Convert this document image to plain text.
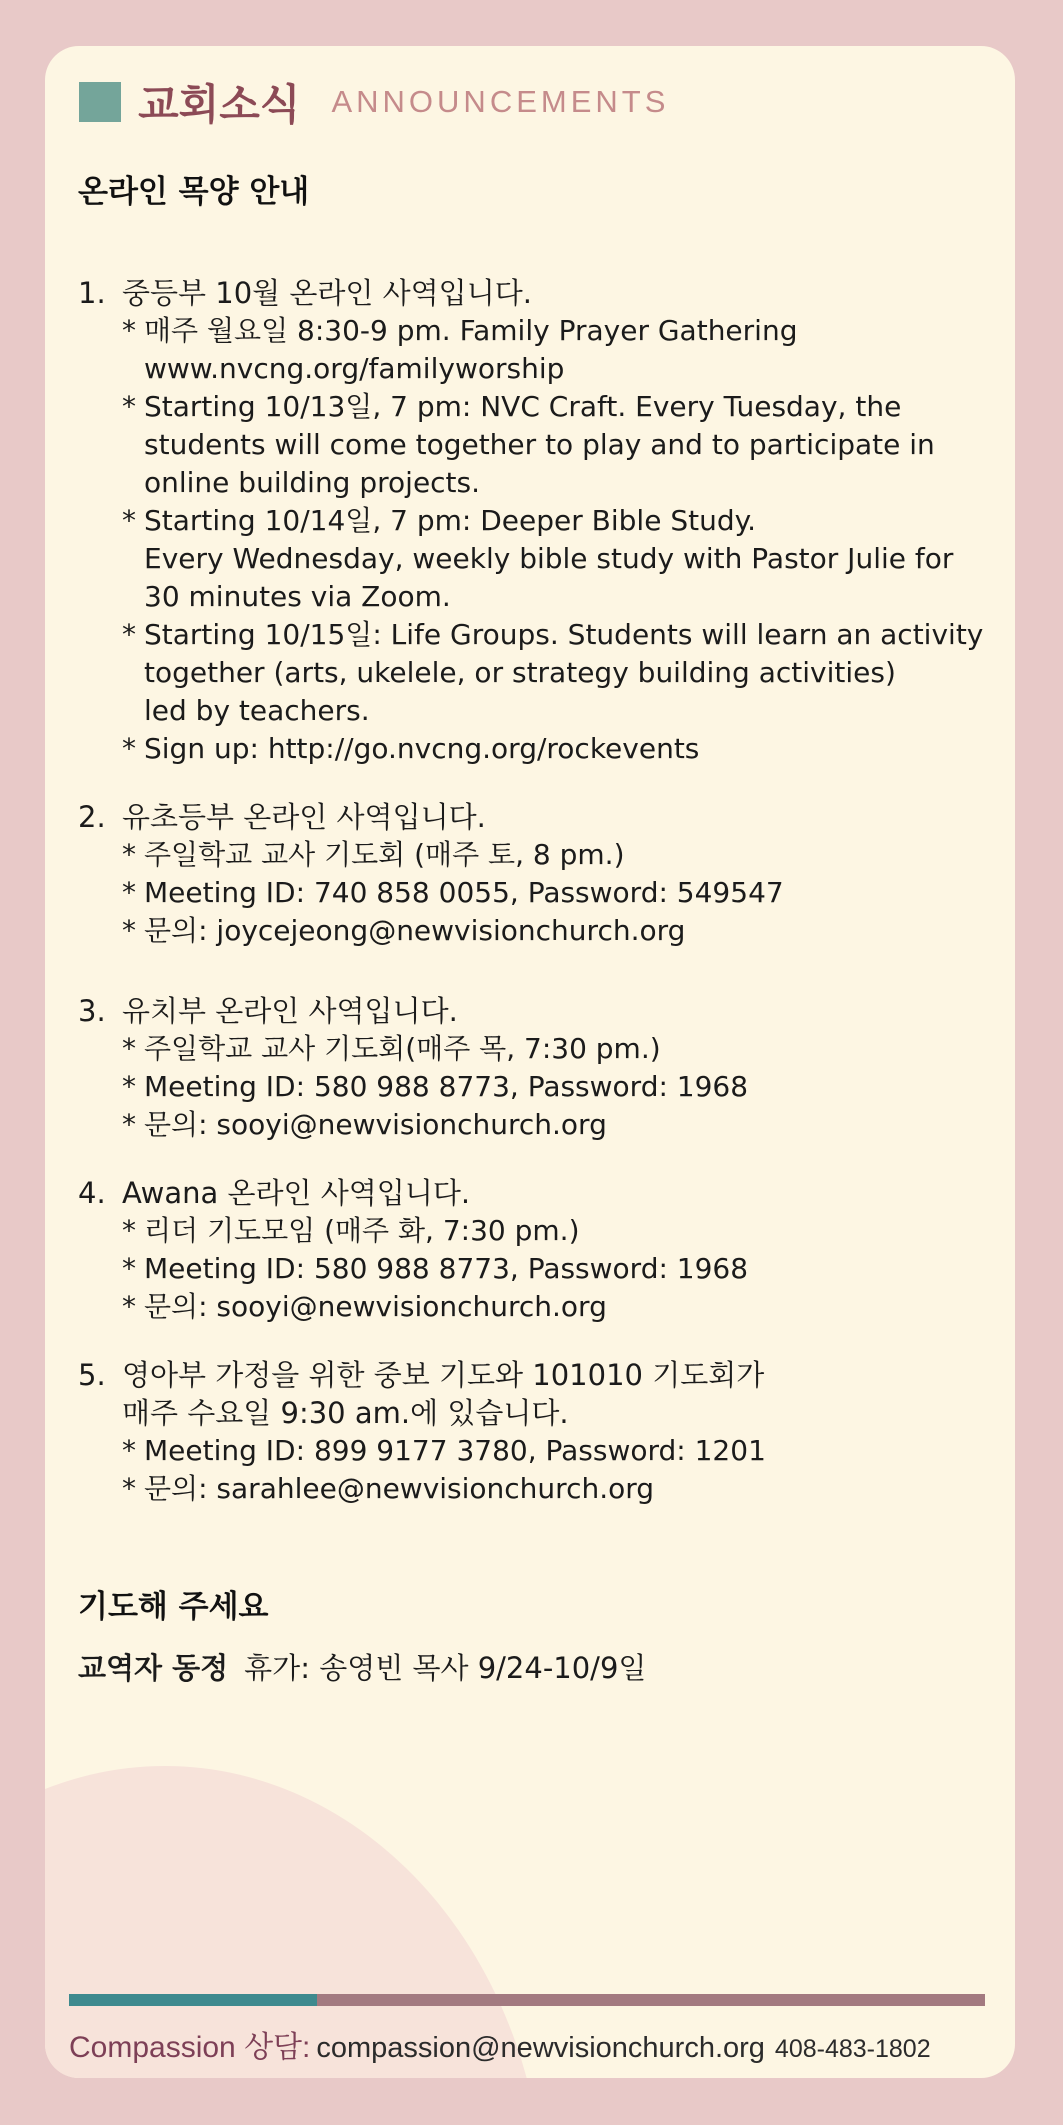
교회소식 ANNOUNCEMENTS
온라인 목양 안내
1. 중등부 10월 온라인 사역입니다.
* 매주 월요일 8:30-9 pm. Family Prayer Gathering
www.nvcng.org/familyworship
* Starting 10/13일, 7 pm: NVC Craft. Every Tuesday, the
students will come together to play and to participate in
online building projects.
* Starting 10/14일, 7 pm: Deeper Bible Study.
Every Wednesday, weekly bible study with Pastor Julie for
30 minutes via Zoom.
* Starting 10/15일: Life Groups. Students will learn an activity
together (arts, ukelele, or strategy building activities)
led by teachers.
* Sign up: http://go.nvcng.org/rockevents
2. 유초등부 온라인 사역입니다.
* 주일학교 교사 기도회 (매주 토, 8 pm.)
* Meeting ID: 740 858 0055, Password: 549547
* 문의: joycejeong@newvisionchurch.org
3. 유치부 온라인 사역입니다.
* 주일학교 교사 기도회(매주 목, 7:30 pm.)
* Meeting ID: 580 988 8773, Password: 1968
* 문의: sooyi@newvisionchurch.org
4. Awana 온라인 사역입니다.
* 리더 기도모임 (매주 화, 7:30 pm.)
* Meeting ID: 580 988 8773, Password: 1968
* 문의: sooyi@newvisionchurch.org
5. 영아부 가정을 위한 중보 기도와 101010 기도회가
매주 수요일 9:30 am.에 있습니다.
* Meeting ID: 899 9177 3780, Password: 1201
* 문의: sarahlee@newvisionchurch.org
기도해 주세요
교역자 동정 휴가: 송영빈 목사 9/24-10/9일
Compassion 상담: compassion@newvisionchurch.org 408-483-1802
